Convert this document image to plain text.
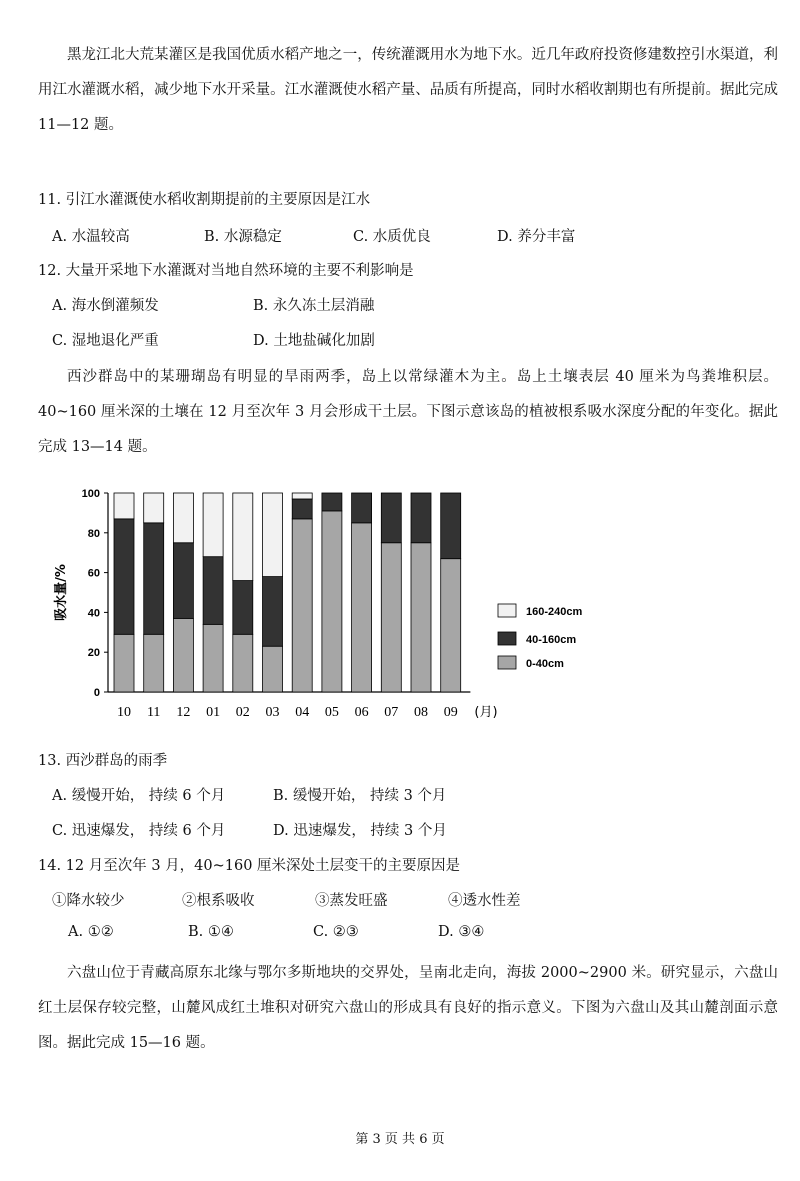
黑龙江北大荒某灌区是我国优质水稻产地之一，传统灌溉用水为地下水。近几年政府投资修建数控引水渠道，利用江水灌溉水稻，减少地下水开采量。江水灌溉使水稻产量、品质有所提高，同时水稻收割期也有所提前。据此完成 11—12 题。
11. 引江水灌溉使水稻收割期提前的主要原因是江水
A. 水温较高	B. 水源稳定	C. 水质优良	D. 养分丰富
12. 大量开采地下水灌溉对当地自然环境的主要不利影响是
A. 海水倒灌频发	B. 永久冻土层消融
C. 湿地退化严重	D. 土地盐碱化加剧
西沙群岛中的某珊瑚岛有明显的旱雨两季，岛上以常绿灌木为主。岛上土壤表层 40 厘米为鸟粪堆积层。40~160 厘米深的土壤在 12 月至次年 3 月会形成干土层。下图示意该岛的植被根系吸水深度分配的年变化。据此完成 13—14 题。
0
20
40
60
80
100
吸水量/%
10 11 12 01 02 03 04 05 06 07 08 09 (月)
160-240cm
40-160cm
0-40cm
13. 西沙群岛的雨季
A. 缓慢开始， 持续 6 个月	B. 缓慢开始， 持续 3 个月
C. 迅速爆发， 持续 6 个月	D. 迅速爆发， 持续 3 个月
14. 12 月至次年 3 月，40~160 厘米深处土层变干的主要原因是
①降水较少	②根系吸收	③蒸发旺盛	④透水性差
A. ①②	B. ①④	C. ②③	D. ③④
六盘山位于青藏高原东北缘与鄂尔多斯地块的交界处，呈南北走向，海拔 2000~2900 米。研究显示，六盘山红土层保存较完整，山麓风成红土堆积对研究六盘山的形成具有良好的指示意义。下图为六盘山及其山麓剖面示意图。据此完成 15—16 题。
第 3 页 共 6 页
